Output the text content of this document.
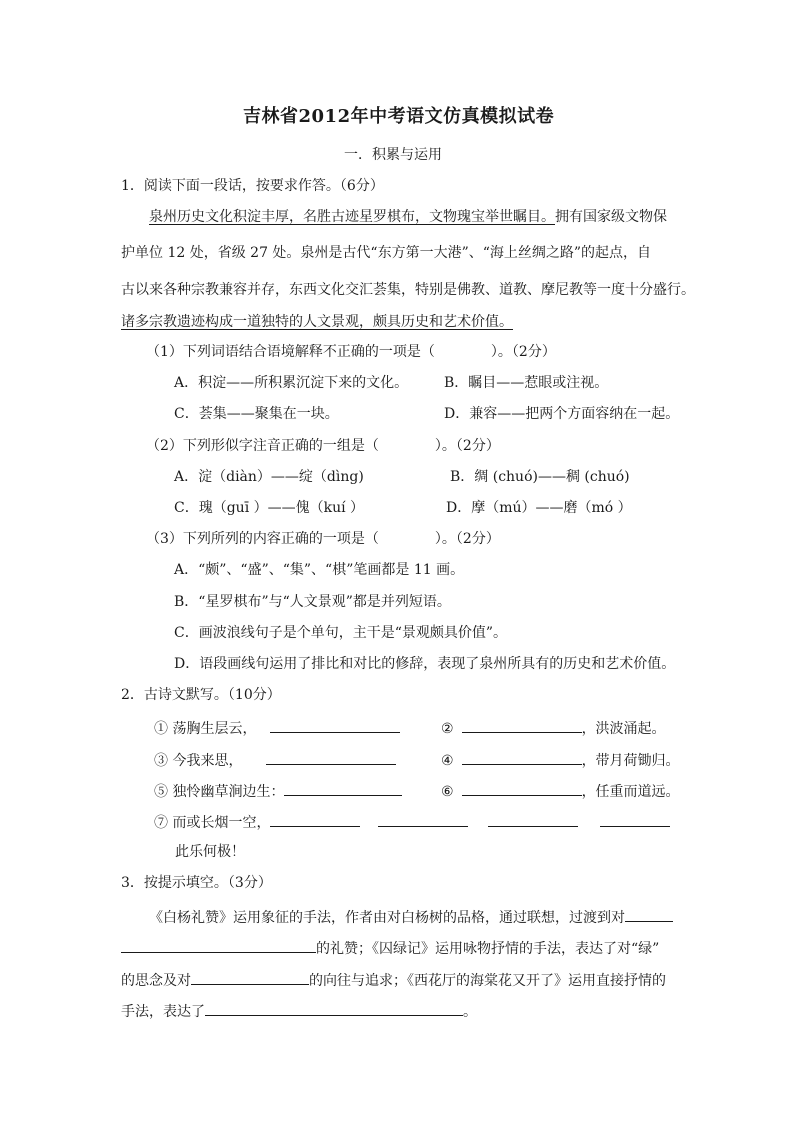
吉林省2012年中考语文仿真模拟试卷
一．积累与运用
1．阅读下面一段话，按要求作答。（6分）
泉州历史文化积淀丰厚，名胜古迹星罗棋布，文物瑰宝举世瞩目。拥有国家级文物保
护单位 12 处，省级 27 处。泉州是古代“东方第一大港”、“海上丝绸之路”的起点，自
古以来各种宗教兼容并存，东西文化交汇荟集，特别是佛教、道教、摩尼教等一度十分盛行。
诸多宗教遗迹构成一道独特的人文景观，颇具历史和艺术价值。
（1）下列词语结合语境解释不正确的一项是（　　　　）。（2分）
A．积淀——所积累沉淀下来的文化。	B．瞩目——惹眼或注视。
C．荟集——聚集在一块。	D．兼容——把两个方面容纳在一起。
（2）下列形似字注音正确的一组是（　　　　）。（2分）
A．淀（diàn）——绽（dìng)	B．绸 (chuó)——稠 (chuó)
C．瑰（guī ）——傀（kuí ）	D．摩（mú）——磨（mó ）
（3）下列所列的内容正确的一项是（　　　　）。（2分）
A．“颇”、“盛”、“集”、“棋”笔画都是 11 画。
B．“星罗棋布”与“人文景观”都是并列短语。
C．画波浪线句子是个单句，主干是“景观颇具价值”。
D．语段画线句运用了排比和对比的修辞，表现了泉州所具有的历史和艺术价值。
2．古诗文默写。（10分）
① 荡胸生层云，	②	，洪波涌起。
③ 今我来思，	④	，带月荷锄归。
⑤ 独怜幽草涧边生：	⑥	，任重而道远。
⑦ 而或长烟一空，
此乐何极！
3．按提示填空。（3分）
《白杨礼赞》运用象征的手法，作者由对白杨树的品格，通过联想，过渡到对
的礼赞；《囚绿记》运用咏物抒情的手法，表达了对“绿”
的思念及对	的向往与追求；《西花厅的海棠花又开了》运用直接抒情的
手法，表达了	。
